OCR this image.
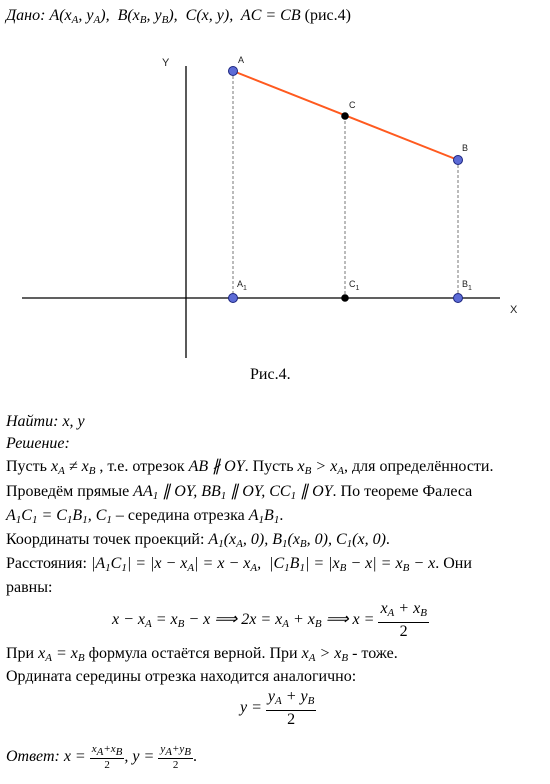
Дано: $A(x_A$, $y_A$),  $B(x_B$, $y_B$),  C(x, y),  AC = CB (рис.4)
X
Y	A
C
B
$A_1$	$C_1$	$B_1$
Рис.4.
Найти: x, y
Решение:
Пусть $x_A \ne x_B$ , т.е. отрезок AB ∦ OY. Пусть $x_B > x_A$, для определённости.
Проведём прямые $AA_1$ ∥ OY, $BB_1$ ∥ OY, $CC_1$ ∥ OY. По теореме Фалеса
$A_1C_1 = C_1B_1$, $C_1$ – середина отрезка $A_1B_1$.
Координаты точек проекций: $A_1(x_A$, 0), $B_1(x_B$, 0), $C_1(x$, 0).
Расстояния: $|A_1C_1| = |x - x_A| = x - x_A$,  $|C_1B_1| = |x_B - x| = x_B - x$. Они
равны:
$x - x_A = x_B - x$ ⟹ $2x = x_A + x_B$ ⟹ $x = \frac{x_A + x_B}{2}$
При $x_A = x_B$ формула остаётся верной. При $x_A > x_B$ - тоже.
Ордината середины отрезка находится аналогично:
$y = \frac{y_A + y_B}{2}$
Ответ: $x = \frac{x_A+x_B}{2}$ , $y = \frac{y_A+y_B}{2}$ .
